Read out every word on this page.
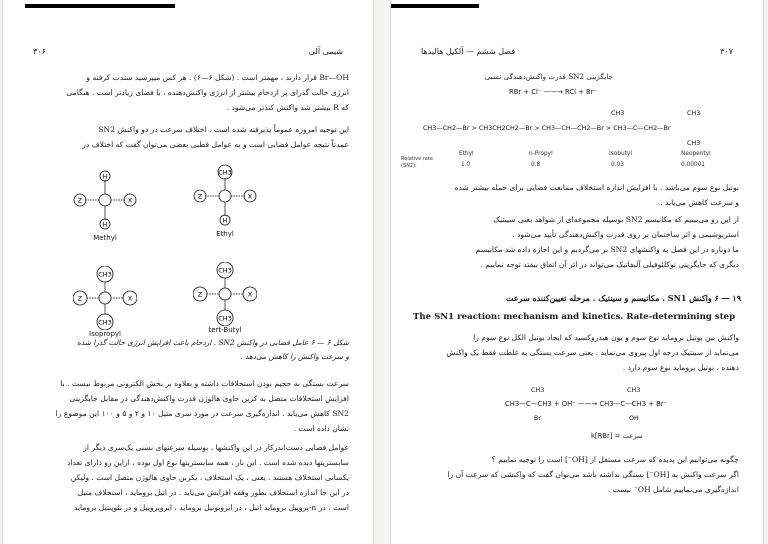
۳۰۶	شیمی آلی
Br—OH قرار دارند ، مهمتر است . (شکل ۶—۶) . هر کس میپرسید ستدت کرفته و
انرژی حالت گذرای پر ازدحام بیشتر از انرژی واکنش‌دهنده ، با فضای زیادتر است . هنگامی
که R بیشتر شد واکنش کندتر می‌شود .
این توجیه امروزه عموماً پذیرفته شده است . اختلاف سرعت در دو واکنش SN2
عمدتاً نتیجه عوامل فضایی است و به عوامل قطبی بعضی می‌توان گفت که اختلاف در
Z	X
H
H
Methyl
Z	X
CH3
H
Ethyl
Z	X
CH3
CH3
Isopropyl
Z	X
CH3
CH3
tert-Butyl
شکل ۶ — ۶ عامل فضایی در واکنش SN2 . ازدحام باعث افزایش انرژی حالت گذرا شده
و سرعت واکنش را کاهش می‌دهد .
سرعت بستگی به حجیم بودن استخلافات داشته و بعلاوه بر بخش الکترونی مربوط نیست . با
افزایش استخلافات متصل به کربن حاوی هالوژن قدرت واکنش‌دهندگی در مقابل جایگزینی
SN2 کاهش می‌یابد . اندازه‌گیری سرعت در مورد سری متیل ۱۰ و ۲ و ۵ و ۱۰۰ این موضوع را
نشان داده است .
عوامل فضایی دست‌اندرکار در این واکنشها ، بوسیله سرعتهای نسبی یک‌سری دیگر از
سابستریتها دیده شده است . این بار ، همه سابستریتها نوع اول بوده ، ازاین رو دارای تعداد
یکسانی استخلاف هستند . یعنی ، یک استخلاف ، بکربن حاوی هالوژن متصل است . ولیکن
در این جا اندازه استخلاف بطور وقفه افزایش می‌یابد . در اتیل بروماید ، استخلاف متیل
است ، در n-پروپیل بروماید اتیل ، در ایزوبوتیل بروماید ، ایزوپروپیل و در نئوپنتیل بروماید
فصل ششم — آلکیل هالیدها	۳۰۷
جایگزینی SN2 قدرت واکنش‌دهندگی نسبی
RBr + Cl⁻ ——→ RCl + Br⁻
CH3	CH3
CH3—CH2—Br > CH3CH2CH2—Br > CH3—CH—CH2—Br > CH3—C—CH2—Br
CH3
Ethyl	n-Propyl	Isobutyl	Neopentyl
Relative rate (SN2):	1.0	0.8	0.03	0.00001
بوتیل نوع سوم می‌باشد . با افزایش اندازه استخلاف ممانعت فضایی برای حمله بیشتر شده
و سرعت کاهش می‌یابد .
از این رو می‌بینیم که مکانیسم SN2 بوسیله مجموعه‌ای از شواهد یعنی سینتیک
استریوشیمی و اثر ساختمان بر روی قدرت واکنش‌دهندگی تأیید می‌شود .
ما دوباره در این فصل به واکنشهای SN2 بر می‌گردیم و این اجازه داده شد مکانیسم
دیگری که جایگزینی نوکلئوفیلی آلیفاتیک می‌تواند در اثر آن اتفاق بیفتد توجه نماییم .
۱۹ — ۶ واکنش SN1 . مکانیسم و سینتیک . مرحله تعیین‌کننده سرعت
The SN1 reaction: mechanism and kinetics. Rate-determining step
واکنش بین بوتیل بروماید نوع سوم و یون هیدروکسید که ایجاد بوتیل الکل نوع سوم را
می‌نماید از سینتیک درجه اول پیروی می‌نماید . یعنی سرعت بستگی به غلظت فقط یک واکنش
دهنده ، بوتیل بروماید نوع سوم دارد .
CH3	CH3
CH3—C—CH3 + OH⁻ ——→ CH3—C—CH3 + Br⁻
Br	OH
k[RBr] = سرعت
چگونه می‌توانیم این پدیده که سرعت مستقل از [OH⁻] است را توجیه نماییم ؟
اگر سرعت واکنش به [OH⁻] بستگی نداشته باشد می‌توان گفت که واکنشی که سرعت آن را
اندازه‌گیری می‌نماییم شامل OH⁻ نیست .
